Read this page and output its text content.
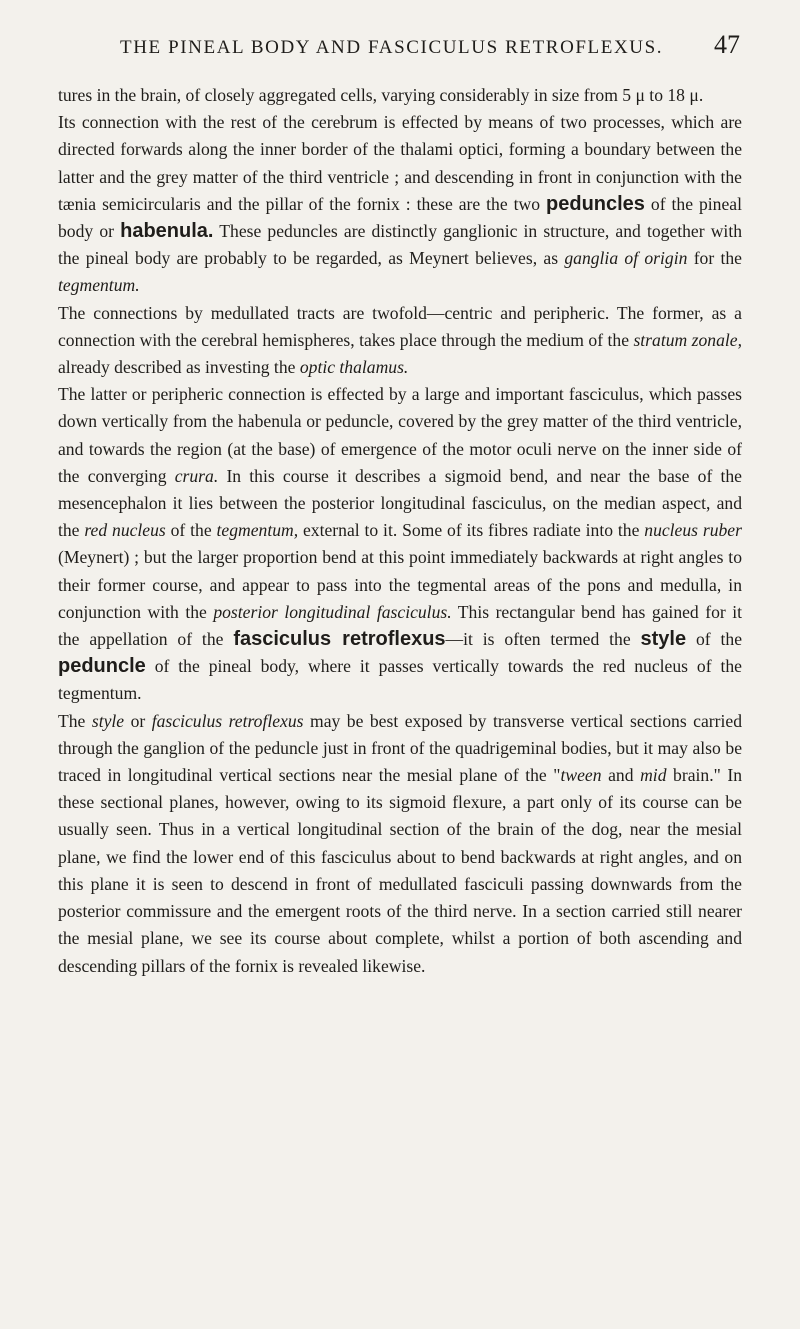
THE PINEAL BODY AND FASCICULUS RETROFLEXUS. 47

tures in the brain, of closely aggregated cells, varying considerably in size from 5 μ to 18 μ.

Its connection with the rest of the cerebrum is effected by means of two processes, which are directed forwards along the inner border of the thalami optici, forming a boundary between the latter and the grey matter of the third ventricle ; and descending in front in conjunction with the tænia semicircularis and the pillar of the fornix : these are the two peduncles of the pineal body or habenula. These peduncles are distinctly ganglionic in structure, and together with the pineal body are probably to be regarded, as Meynert believes, as ganglia of origin for the tegmentum.

The connections by medullated tracts are twofold—centric and peripheric. The former, as a connection with the cerebral hemispheres, takes place through the medium of the stratum zonale, already described as investing the optic thalamus.

The latter or peripheric connection is effected by a large and important fasciculus, which passes down vertically from the habenula or peduncle, covered by the grey matter of the third ventricle, and towards the region (at the base) of emergence of the motor oculi nerve on the inner side of the converging crura. In this course it describes a sigmoid bend, and near the base of the mesencephalon it lies between the posterior longitudinal fasciculus, on the median aspect, and the red nucleus of the tegmentum, external to it. Some of its fibres radiate into the nucleus ruber (Meynert) ; but the larger proportion bend at this point immediately backwards at right angles to their former course, and appear to pass into the tegmental areas of the pons and medulla, in conjunction with the posterior longitudinal fasciculus. This rectangular bend has gained for it the appellation of the fasciculus retroflexus—it is often termed the style of the peduncle of the pineal body, where it passes vertically towards the red nucleus of the tegmentum.

The style or fasciculus retroflexus may be best exposed by transverse vertical sections carried through the ganglion of the peduncle just in front of the quadrigeminal bodies, but it may also be traced in longitudinal vertical sections near the mesial plane of the "tween and mid brain." In these sectional planes, however, owing to its sigmoid flexure, a part only of its course can be usually seen. Thus in a vertical longitudinal section of the brain of the dog, near the mesial plane, we find the lower end of this fasciculus about to bend backwards at right angles, and on this plane it is seen to descend in front of medullated fasciculi passing downwards from the posterior commissure and the emergent roots of the third nerve. In a section carried still nearer the mesial plane, we see its course about complete, whilst a portion of both ascending and descending pillars of the fornix is revealed likewise.
